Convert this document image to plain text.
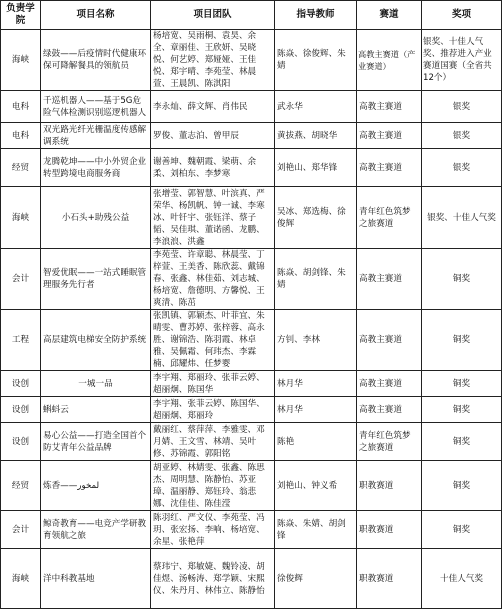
负责学院	项目名称	项目团队	指导教师	赛道	奖项
海峡	绿鼓——后疫情时代健康环保可降解餐具的领航员	杨培宽、吴雨桐、袁昊、余全、章丽佳、王欣妍、吴晓悦、何艺婷、郑娅娅、王佳悦、郑宇晴、李苑莹、林晨萱、王晨凯、陈淇阳	陈焱、徐俊辉、朱婧	高教主赛道（产业赛道）	银奖、十佳人气奖、推荐进入产业赛道国赛（全省共12个）
电科	千巡机器人——基于5G危险气体检测识别巡逻机器人	李永灿、薛文辉、肖伟民	武永华	高教主赛道	银奖
电科	双光路光纤光栅温度传感解调系统	罗俊、董志泊、曾甲辰	黄拔燕、胡晓华	高教主赛道	银奖
经贸	龙腾乾坤——中小外贸企业转型跨境电商服务商	谢善坤、魏朝霞、梁萌、余柔、刘柏东、李梦寒	刘艳山、郑华锋	高教主赛道	银奖
海峡	小石头+助残公益	张增莹、郭智慧、叶滨真、严荣华、杨凯帆、钟一诚、李寒冰、叶钎宇、张钰洋、蔡子韬、吴佳琪、董诺函、龙鹏、李浪浪、洪鑫	吴冰、郑选梅、徐俊辉	青年红色筑梦之旅赛道	银奖、十佳人气奖
会计	智爱优眠——一站式睡眠管理服务先行者	李苑莹、许章聪、林晨莹、丁梓萱、王美香、陈欣蕊、戴锦春、张鑫、林佳茹、刘志城、杨培宽、詹德明、方馨悦、王爽清、陈茁	陈焱、胡剑锋、朱婧	高教主赛道	铜奖
工程	高层建筑电梯安全防护系统	张凯镇、郭颖杰、叶菲宜、朱晴雯、曹苏婷、张梓蓉、高永胜、谢锦浩、陈羽霞、林卓雅、吴佩霜、何玮杰、李霖楠、邱耀炜、任梦婴	方钊、李林	高教主赛道	铜奖
设创	一城一品	李宇翔、郑丽玲、张菲云婷、超丽炯、陈国华	林月华	高教主赛道	铜奖
设创	蝌蚪云	李宇翔、张菲云婷、陈国华、超丽炯、郑丽玲	林月华	高教主赛道	铜奖
设创	易心公益——打造全国首个防艾青年公益品牌	戴丽红、蔡萍萍、李雅雯、邓月婧、王文雪、林靖、吴叶修、苏锦霞、郭阳铭	陈艳	青年红色筑梦之旅赛道	铜奖
经贸	炼香——لمخور	胡亚婷、林婧雯、张鑫、陈思杰、周明慧、陈静怡、苏亚璋、温丽静、郑钰玲、翁悲娜、沈佳佳、陈佳滢	刘艳山、钟义希	职教赛道	铜奖
会计	鲸奇教育——电竞产学研教育领航之旅	陈羽红、严文仪、李苑莹、冯玥、张宏扬、李响、杨培宽、余星、张艳萍	陈焱、朱婧、胡剑锋	职教赛道	铜奖
海峡	洋中科教基地	蔡玮宁、郑敏婕、魏铃凌、胡佳煜、汤畅涛、郑学颖、宋熙仪、朱丹月、林伟立、陈静怡	徐俊辉	职教赛道	十佳人气奖
